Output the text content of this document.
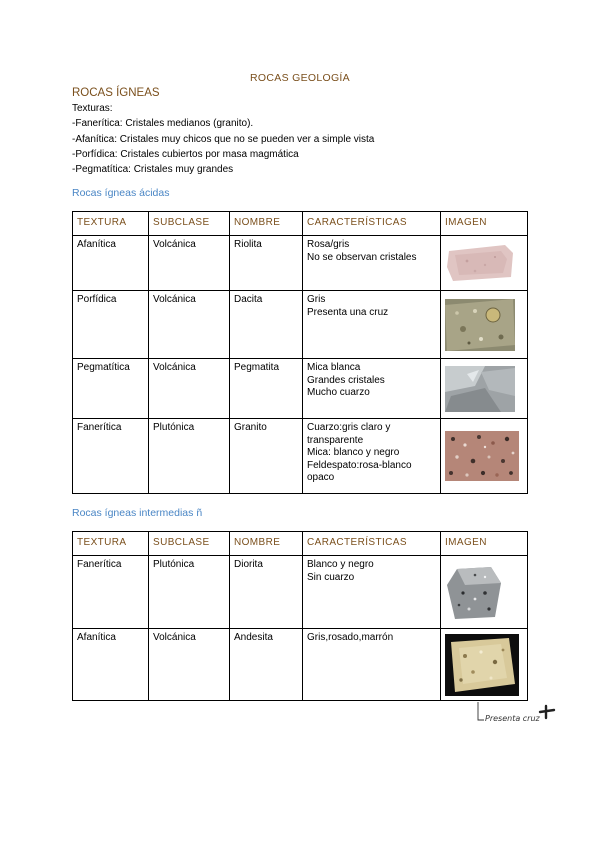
ROCAS GEOLOGÍA
ROCAS ÍGNEAS
Texturas:
-Fanerítica: Cristales medianos (granito).
-Afanítica: Cristales muy chicos que no se pueden ver a simple vista
-Porfídica: Cristales cubiertos por masa magmática
-Pegmatítica: Cristales muy grandes
Rocas ígneas ácidas
TEXTURA	SUBCLASE	NOMBRE	CARACTERÍSTICAS	IMAGEN
Afanítica	Volcánica	Riolita	Rosa/gris
No se observan cristales

Porfídica	Volcánica	Dacita	Gris
Presenta una cruz

Pegmatítica	Volcánica	Pegmatita	Mica blanca
Grandes cristales
Mucho cuarzo

Fanerítica	Plutónica	Granito	Cuarzo:gris claro y
transparente
Mica: blanco y negro
Feldespato:rosa-blanco
opaco

Rocas ígneas intermedias ñ
TEXTURA	SUBCLASE	NOMBRE	CARACTERÍSTICAS	IMAGEN
Fanerítica	Plutónica	Diorita	Blanco y negro
Sin cuarzo

Afanítica	Volcánica	Andesita	Gris,rosado,marrón

Presenta cruz
